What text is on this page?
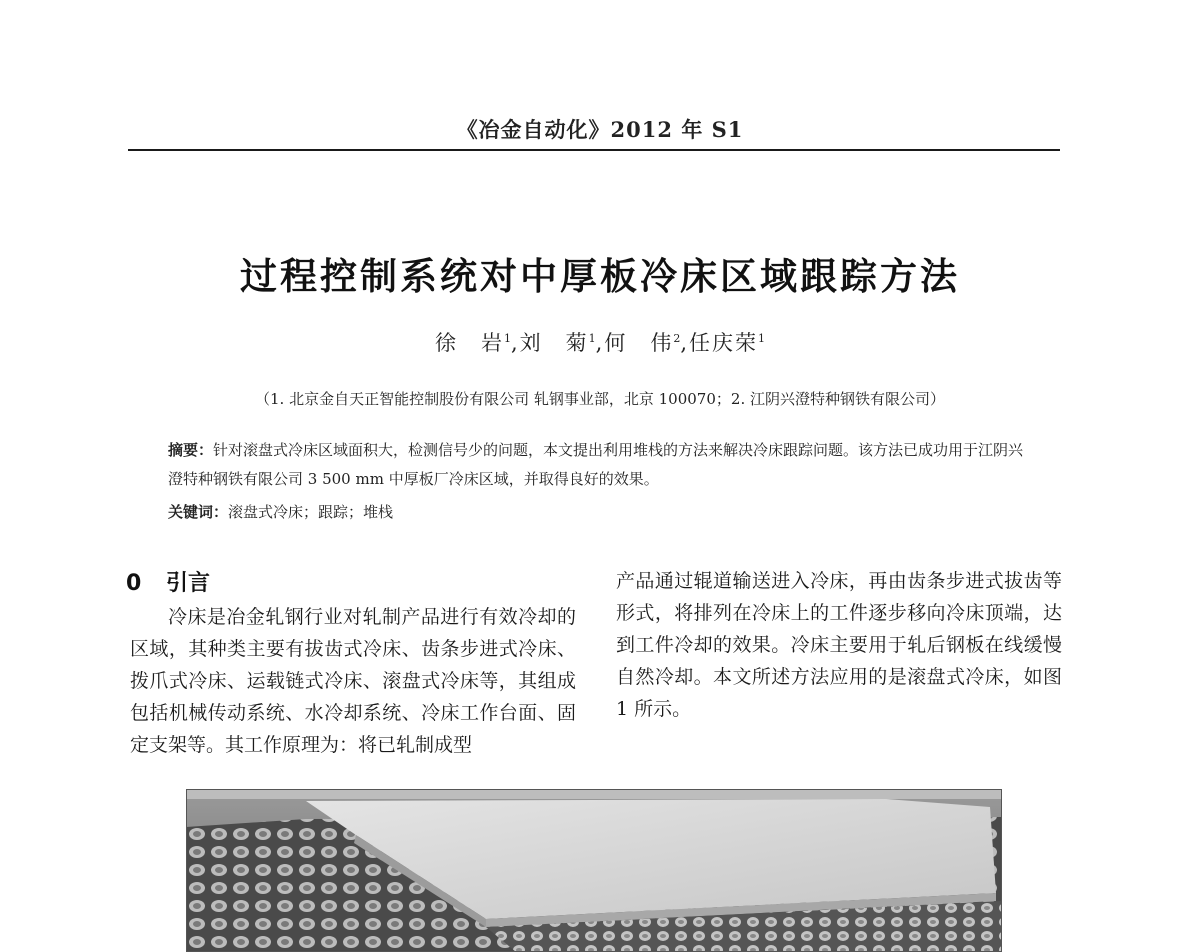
《冶金自动化》2012 年 S1
过程控制系统对中厚板冷床区域跟踪方法
徐　岩$^1$,刘　菊$^1$,何　伟$^2$,任庆荣$^1$
（1. 北京金自天正智能控制股份有限公司 轧钢事业部，北京 100070；2. 江阴兴澄特种钢铁有限公司）
摘要：针对滚盘式冷床区域面积大，检测信号少的问题，本文提出利用堆栈的方法来解决冷床跟踪问题。该方法已成功用于江阴兴澄特种钢铁有限公司 3 500 mm 中厚板厂冷床区域，并取得良好的效果。
关键词：滚盘式冷床；跟踪；堆栈
0 引言

冷床是冶金轧钢行业对轧制产品进行有效冷却的区域，其种类主要有拔齿式冷床、齿条步进式冷床、拨爪式冷床、运载链式冷床、滚盘式冷床等，其组成包括机械传动系统、水冷却系统、冷床工作台面、固定支架等。其工作原理为：将已轧制成型

产品通过辊道输送进入冷床，再由齿条步进式拔齿等形式，将排列在冷床上的工件逐步移向冷床顶端，达到工件冷却的效果。冷床主要用于轧后钢板在线缓慢自然冷却。本文所述方法应用的是滚盘式冷床，如图 1 所示。
